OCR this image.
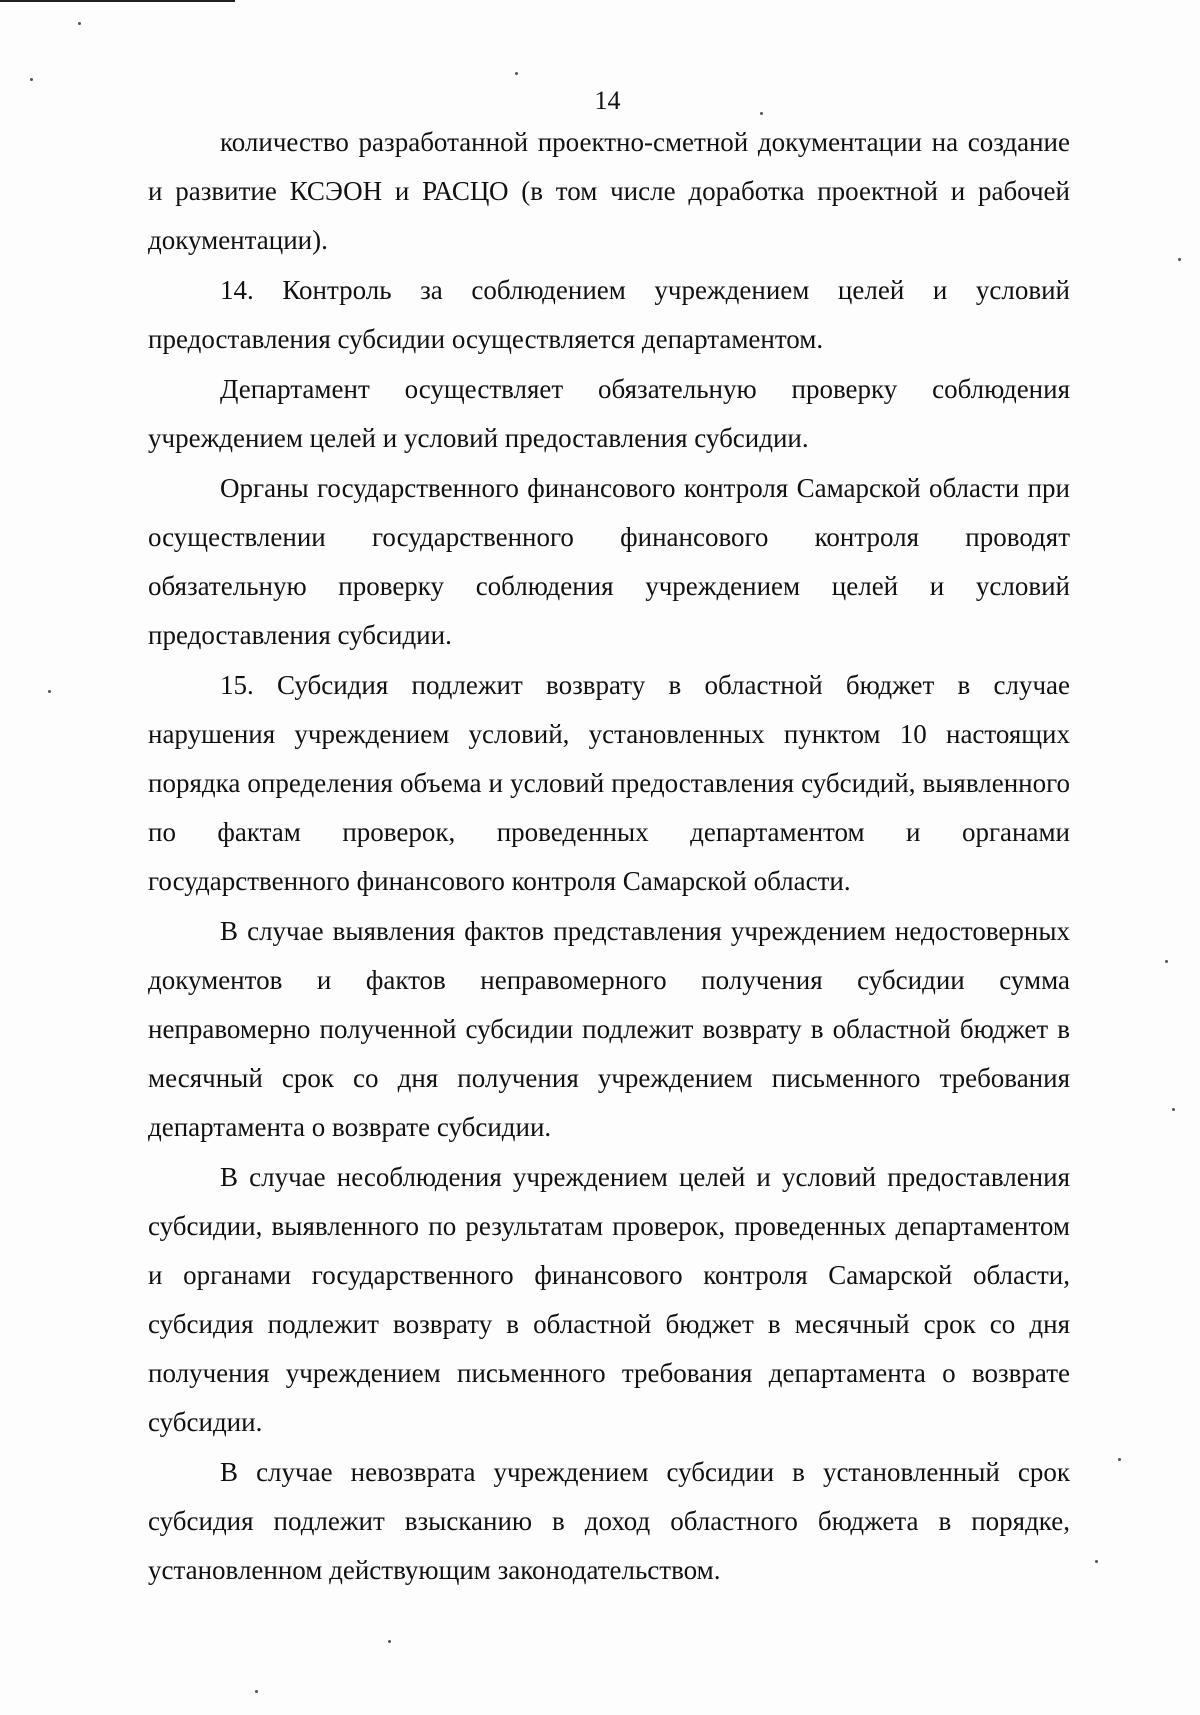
14

количество разработанной проектно-сметной документации на создание и развитие КСЭОН и РАСЦО (в том числе доработка проектной и рабочей документации).

14. Контроль за соблюдением учреждением целей и условий предоставления субсидии осуществляется департаментом.

Департамент осуществляет обязательную проверку соблюдения учреждением целей и условий предоставления субсидии.

Органы государственного финансового контроля Самарской области при осуществлении государственного финансового контроля проводят обязательную проверку соблюдения учреждением целей и условий предоставления субсидии.

15. Субсидия подлежит возврату в областной бюджет в случае нарушения учреждением условий, установленных пунктом 10 настоящих порядка определения объема и условий предоставления субсидий, выявленного по фактам проверок, проведенных департаментом и органами государственного финансового контроля Самарской области.

В случае выявления фактов представления учреждением недостоверных документов и фактов неправомерного получения субсидии сумма неправомерно полученной субсидии подлежит возврату в областной бюджет в месячный срок со дня получения учреждением письменного требования департамента о возврате субсидии.

В случае несоблюдения учреждением целей и условий предоставления субсидии, выявленного по результатам проверок, проведенных департаментом и органами государственного финансового контроля Самарской области, субсидия подлежит возврату в областной бюджет в месячный срок со дня получения учреждением письменного требования департамента о возврате субсидии.

В случае невозврата учреждением субсидии в установленный срок субсидия подлежит взысканию в доход областного бюджета в порядке, установленном действующим законодательством.
